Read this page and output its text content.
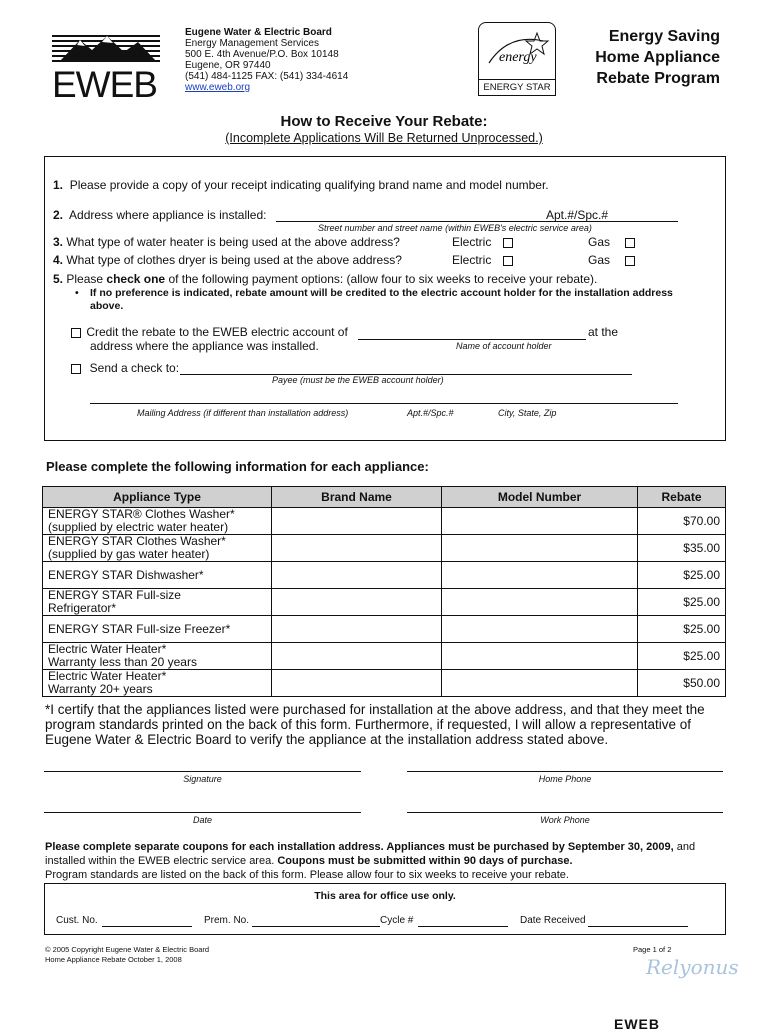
EWEB
Eugene Water & Electric Board
Energy Management Services
500 E. 4th Avenue/P.O. Box 10148
Eugene, OR 97440
(541) 484-1125 FAX: (541) 334-4614
www.eweb.org
energy
ENERGY STAR
Energy Saving
Home Appliance
Rebate Program
How to Receive Your Rebate:
(Incomplete Applications Will Be Returned Unprocessed.)
1. Please provide a copy of your receipt indicating qualifying brand name and model number.
2. Address where appliance is installed:	Apt.#/Spc.#
Street number and street name (within EWEB's electric service area)
3. What type of water heater is being used at the above address?	Electric	Gas
4. What type of clothes dryer is being used at the above address?	Electric	Gas
5. Please check one of the following payment options: (allow four to six weeks to receive your rebate).
• If no preference is indicated, rebate amount will be credited to the electric account holder for the installation address above.
Credit the rebate to the EWEB electric account of	at the
address where the appliance was installed.	Name of account holder
Send a check to:
Payee (must be the EWEB account holder)
Mailing Address (if different than installation address)	Apt.#/Spc.#	City, State, Zip
Please complete the following information for each appliance:
Appliance Type	Brand Name	Model Number	Rebate
ENERGY STAR® Clothes Washer*
(supplied by electric water heater)			$70.00
ENERGY STAR Clothes Washer*
(supplied by gas water heater)			$35.00
ENERGY STAR Dishwasher*			$25.00
ENERGY STAR Full-size
Refrigerator*			$25.00
ENERGY STAR Full-size Freezer*			$25.00
Electric Water Heater*
Warranty less than 20 years			$25.00
Electric Water Heater*
Warranty 20+ years			$50.00
*I certify that the appliances listed were purchased for installation at the above address, and that they meet the program standards printed on the back of this form. Furthermore, if requested, I will allow a representative of Eugene Water & Electric Board to verify the appliance at the installation address stated above.
Signature	Home Phone
Date	Work Phone
Please complete separate coupons for each installation address. Appliances must be purchased by September 30, 2009, and installed within the EWEB electric service area. Coupons must be submitted within 90 days of purchase.
Program standards are listed on the back of this form. Please allow four to six weeks to receive your rebate.
This area for office use only.
Cust. No.	Prem. No.	Cycle #	Date Received
© 2005 Copyright Eugene Water & Electric Board
Home Appliance Rebate October 1, 2008
Page 1 of 2
Relyonus
EWEB
